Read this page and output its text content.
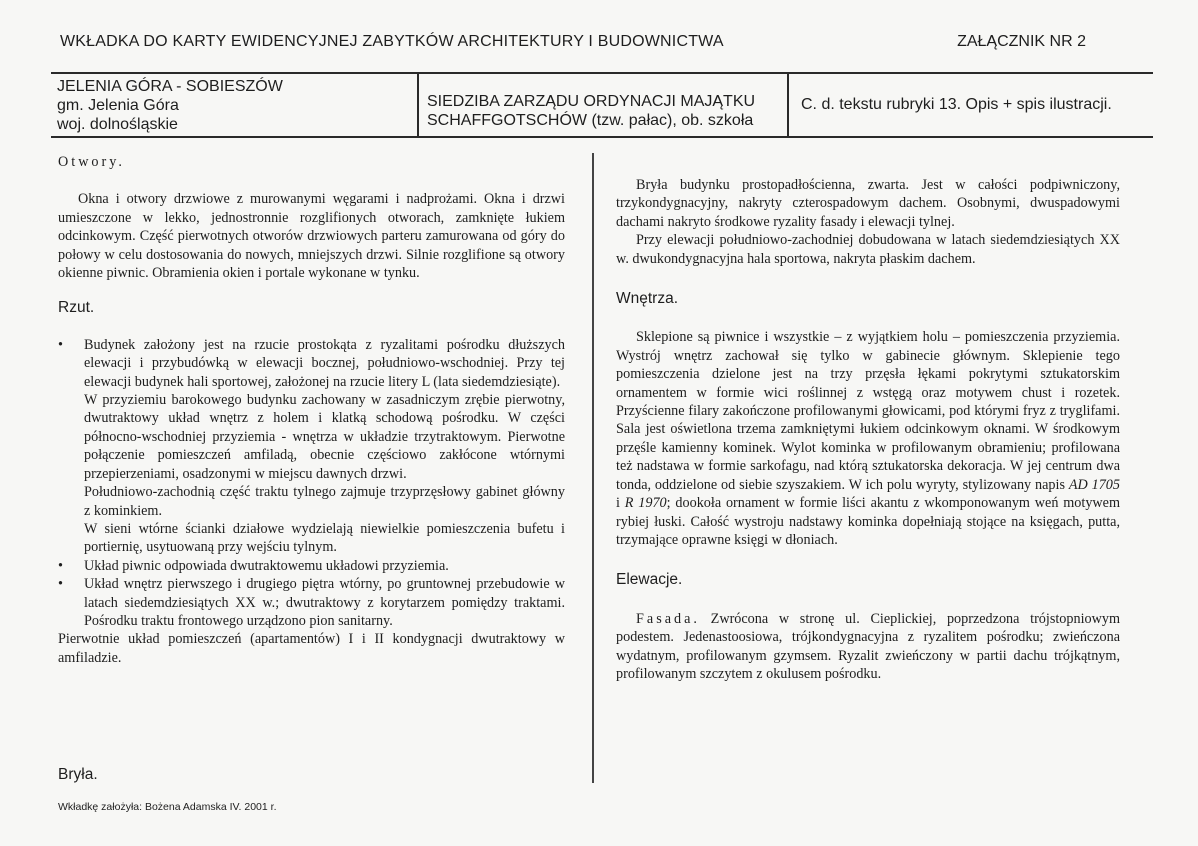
WKŁADKA DO KARTY EWIDENCYJNEJ ZABYTKÓW ARCHITEKTURY I BUDOWNICTWA	ZAŁĄCZNIK NR 2
JELENIA GÓRA - SOBIESZÓW
gm. Jelenia Góra
woj. dolnośląskie
SIEDZIBA ZARZĄDU ORDYNACJI MAJĄTKU
SCHAFFGOTSCHÓW (tzw. pałac), ob. szkoła
C. d. tekstu rubryki 13. Opis + spis ilustracji.

Otwory.

Okna i otwory drzwiowe z murowanymi węgarami i nadprożami. Okna i drzwi umieszczone w lekko, jednostronnie rozglifionych otworach, zamknięte łukiem odcinkowym. Część pierwotnych otworów drzwiowych parteru zamurowana od góry do połowy w celu dostosowania do nowych, mniejszych drzwi. Silnie rozglifione są otwory okienne piwnic. Obramienia okien i portale wykonane w tynku.

Rzut.

• Budynek założony jest na rzucie prostokąta z ryzalitami pośrodku dłuższych elewacji i przybudówką w elewacji bocznej, południowo-wschodniej. Przy tej elewacji budynek hali sportowej, założonej na rzucie litery L (lata siedemdziesiąte).

W przyziemiu barokowego budynku zachowany w zasadniczym zrębie pierwotny, dwutraktowy układ wnętrz z holem i klatką schodową pośrodku. W części północno-wschodniej przyziemia - wnętrza w układzie trzytraktowym. Pierwotne połączenie pomieszczeń amfiladą, obecnie częściowo zakłócone wtórnymi przepierzeniami, osadzonymi w miejscu dawnych drzwi.

Południowo-zachodnią część traktu tylnego zajmuje trzyprzęsłowy gabinet główny z kominkiem.

W sieni wtórne ścianki działowe wydzielają niewielkie pomieszczenia bufetu i portiernię, usytuowaną przy wejściu tylnym.

• Układ piwnic odpowiada dwutraktowemu układowi przyziemia.
• Układ wnętrz pierwszego i drugiego piętra wtórny, po gruntownej przebudowie w latach siedemdziesiątych XX w.; dwutraktowy z korytarzem pomiędzy traktami. Pośrodku traktu frontowego urządzono pion sanitarny.

Pierwotnie układ pomieszczeń (apartamentów) I i II kondygnacji dwutraktowy w amfiladzie.

Bryła.

Bryła budynku prostopadłościenna, zwarta. Jest w całości podpiwniczony, trzykondygnacyjny, nakryty czterospadowym dachem. Osobnymi, dwuspadowymi dachami nakryto środkowe ryzality fasady i elewacji tylnej.

Przy elewacji południowo-zachodniej dobudowana w latach siedemdziesiątych XX w. dwukondygnacyjna hala sportowa, nakryta płaskim dachem.

Wnętrza.

Sklepione są piwnice i wszystkie – z wyjątkiem holu – pomieszczenia przyziemia. Wystrój wnętrz zachował się tylko w gabinecie głównym. Sklepienie tego pomieszczenia dzielone jest na trzy przęsła łękami pokrytymi sztukatorskim ornamentem w formie wici roślinnej z wstęgą oraz motywem chust i rozetek. Przyścienne filary zakończone profilowanymi głowicami, pod którymi fryz z tryglifami. Sala jest oświetlona trzema zamkniętymi łukiem odcinkowym oknami. W środkowym przęśle kamienny kominek. Wylot kominka w profilowanym obramieniu; profilowana też nadstawa w formie sarkofagu, nad którą sztukatorska dekoracja. W jej centrum dwa tonda, oddzielone od siebie szyszakiem. W ich polu wyryty, stylizowany napis AD 1705 i R 1970; dookoła ornament w formie liści akantu z wkomponowanym weń motywem rybiej łuski. Całość wystroju nadstawy kominka dopełniają stojące na księgach, putta, trzymające oprawne księgi w dłoniach.

Elewacje.

Fasada. Zwrócona w stronę ul. Cieplickiej, poprzedzona trójstopniowym podestem. Jedenastoosiowa, trójkondygnacyjna z ryzalitem pośrodku; zwieńczona wydatnym, profilowanym gzymsem. Ryzalit zwieńczony w partii dachu trójkątnym, profilowanym szczytem z okulusem pośrodku.

Wkładkę założyła: Bożena Adamska IV. 2001 r.
